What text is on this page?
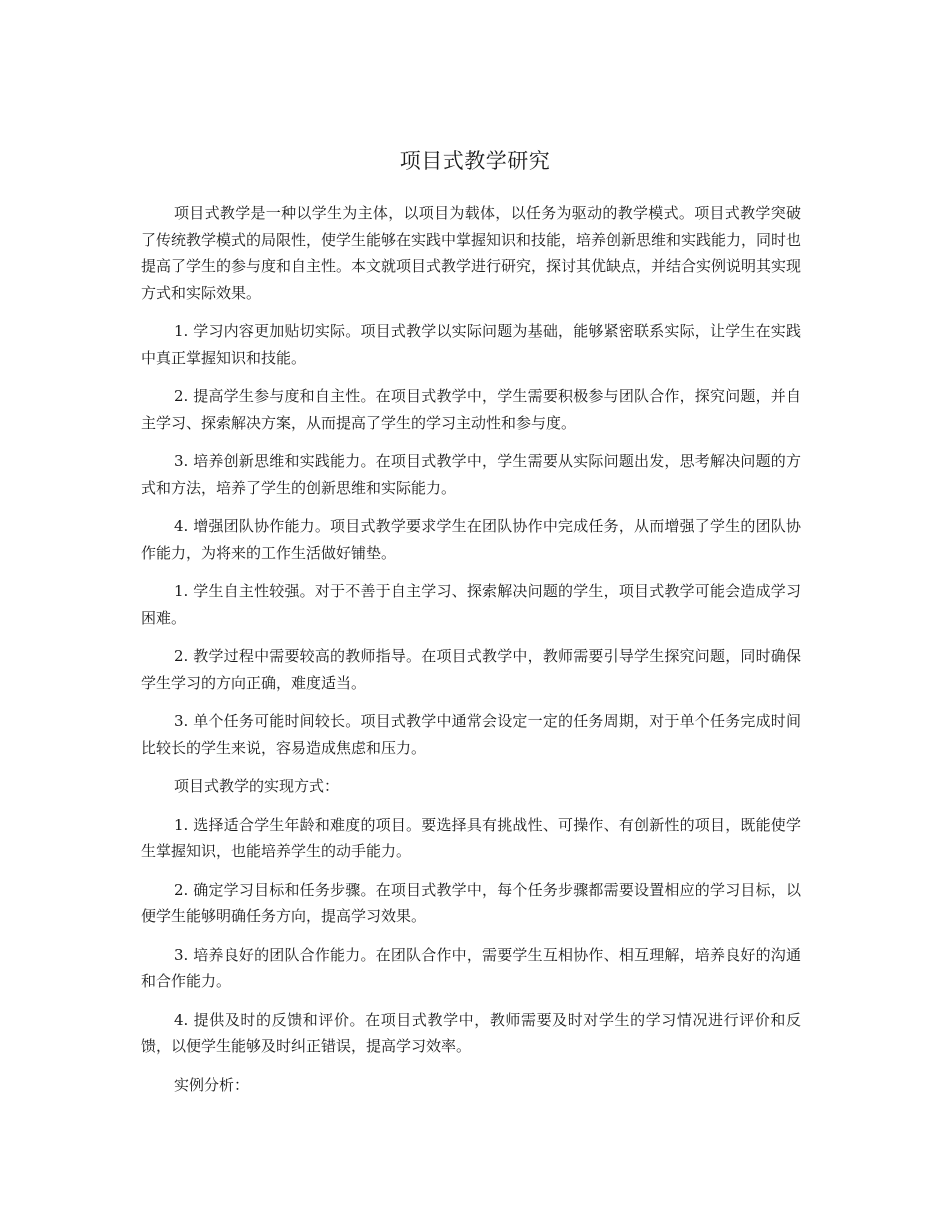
项目式教学研究

项目式教学是一种以学生为主体，以项目为载体，以任务为驱动的教学模式。项目式教学突破了传统教学模式的局限性，使学生能够在实践中掌握知识和技能，培养创新思维和实践能力，同时也提高了学生的参与度和自主性。本文就项目式教学进行研究，探讨其优缺点，并结合实例说明其实现方式和实际效果。

1. 学习内容更加贴切实际。项目式教学以实际问题为基础，能够紧密联系实际，让学生在实践中真正掌握知识和技能。

2. 提高学生参与度和自主性。在项目式教学中，学生需要积极参与团队合作，探究问题，并自主学习、探索解决方案，从而提高了学生的学习主动性和参与度。

3. 培养创新思维和实践能力。在项目式教学中，学生需要从实际问题出发，思考解决问题的方式和方法，培养了学生的创新思维和实际能力。

4. 增强团队协作能力。项目式教学要求学生在团队协作中完成任务，从而增强了学生的团队协作能力，为将来的工作生活做好铺垫。

1. 学生自主性较强。对于不善于自主学习、探索解决问题的学生，项目式教学可能会造成学习困难。

2. 教学过程中需要较高的教师指导。在项目式教学中，教师需要引导学生探究问题，同时确保学生学习的方向正确，难度适当。

3. 单个任务可能时间较长。项目式教学中通常会设定一定的任务周期，对于单个任务完成时间比较长的学生来说，容易造成焦虑和压力。

项目式教学的实现方式：

1. 选择适合学生年龄和难度的项目。要选择具有挑战性、可操作、有创新性的项目，既能使学生掌握知识，也能培养学生的动手能力。

2. 确定学习目标和任务步骤。在项目式教学中，每个任务步骤都需要设置相应的学习目标，以便学生能够明确任务方向，提高学习效果。

3. 培养良好的团队合作能力。在团队合作中，需要学生互相协作、相互理解，培养良好的沟通和合作能力。

4. 提供及时的反馈和评价。在项目式教学中，教师需要及时对学生的学习情况进行评价和反馈，以便学生能够及时纠正错误，提高学习效率。

实例分析：
